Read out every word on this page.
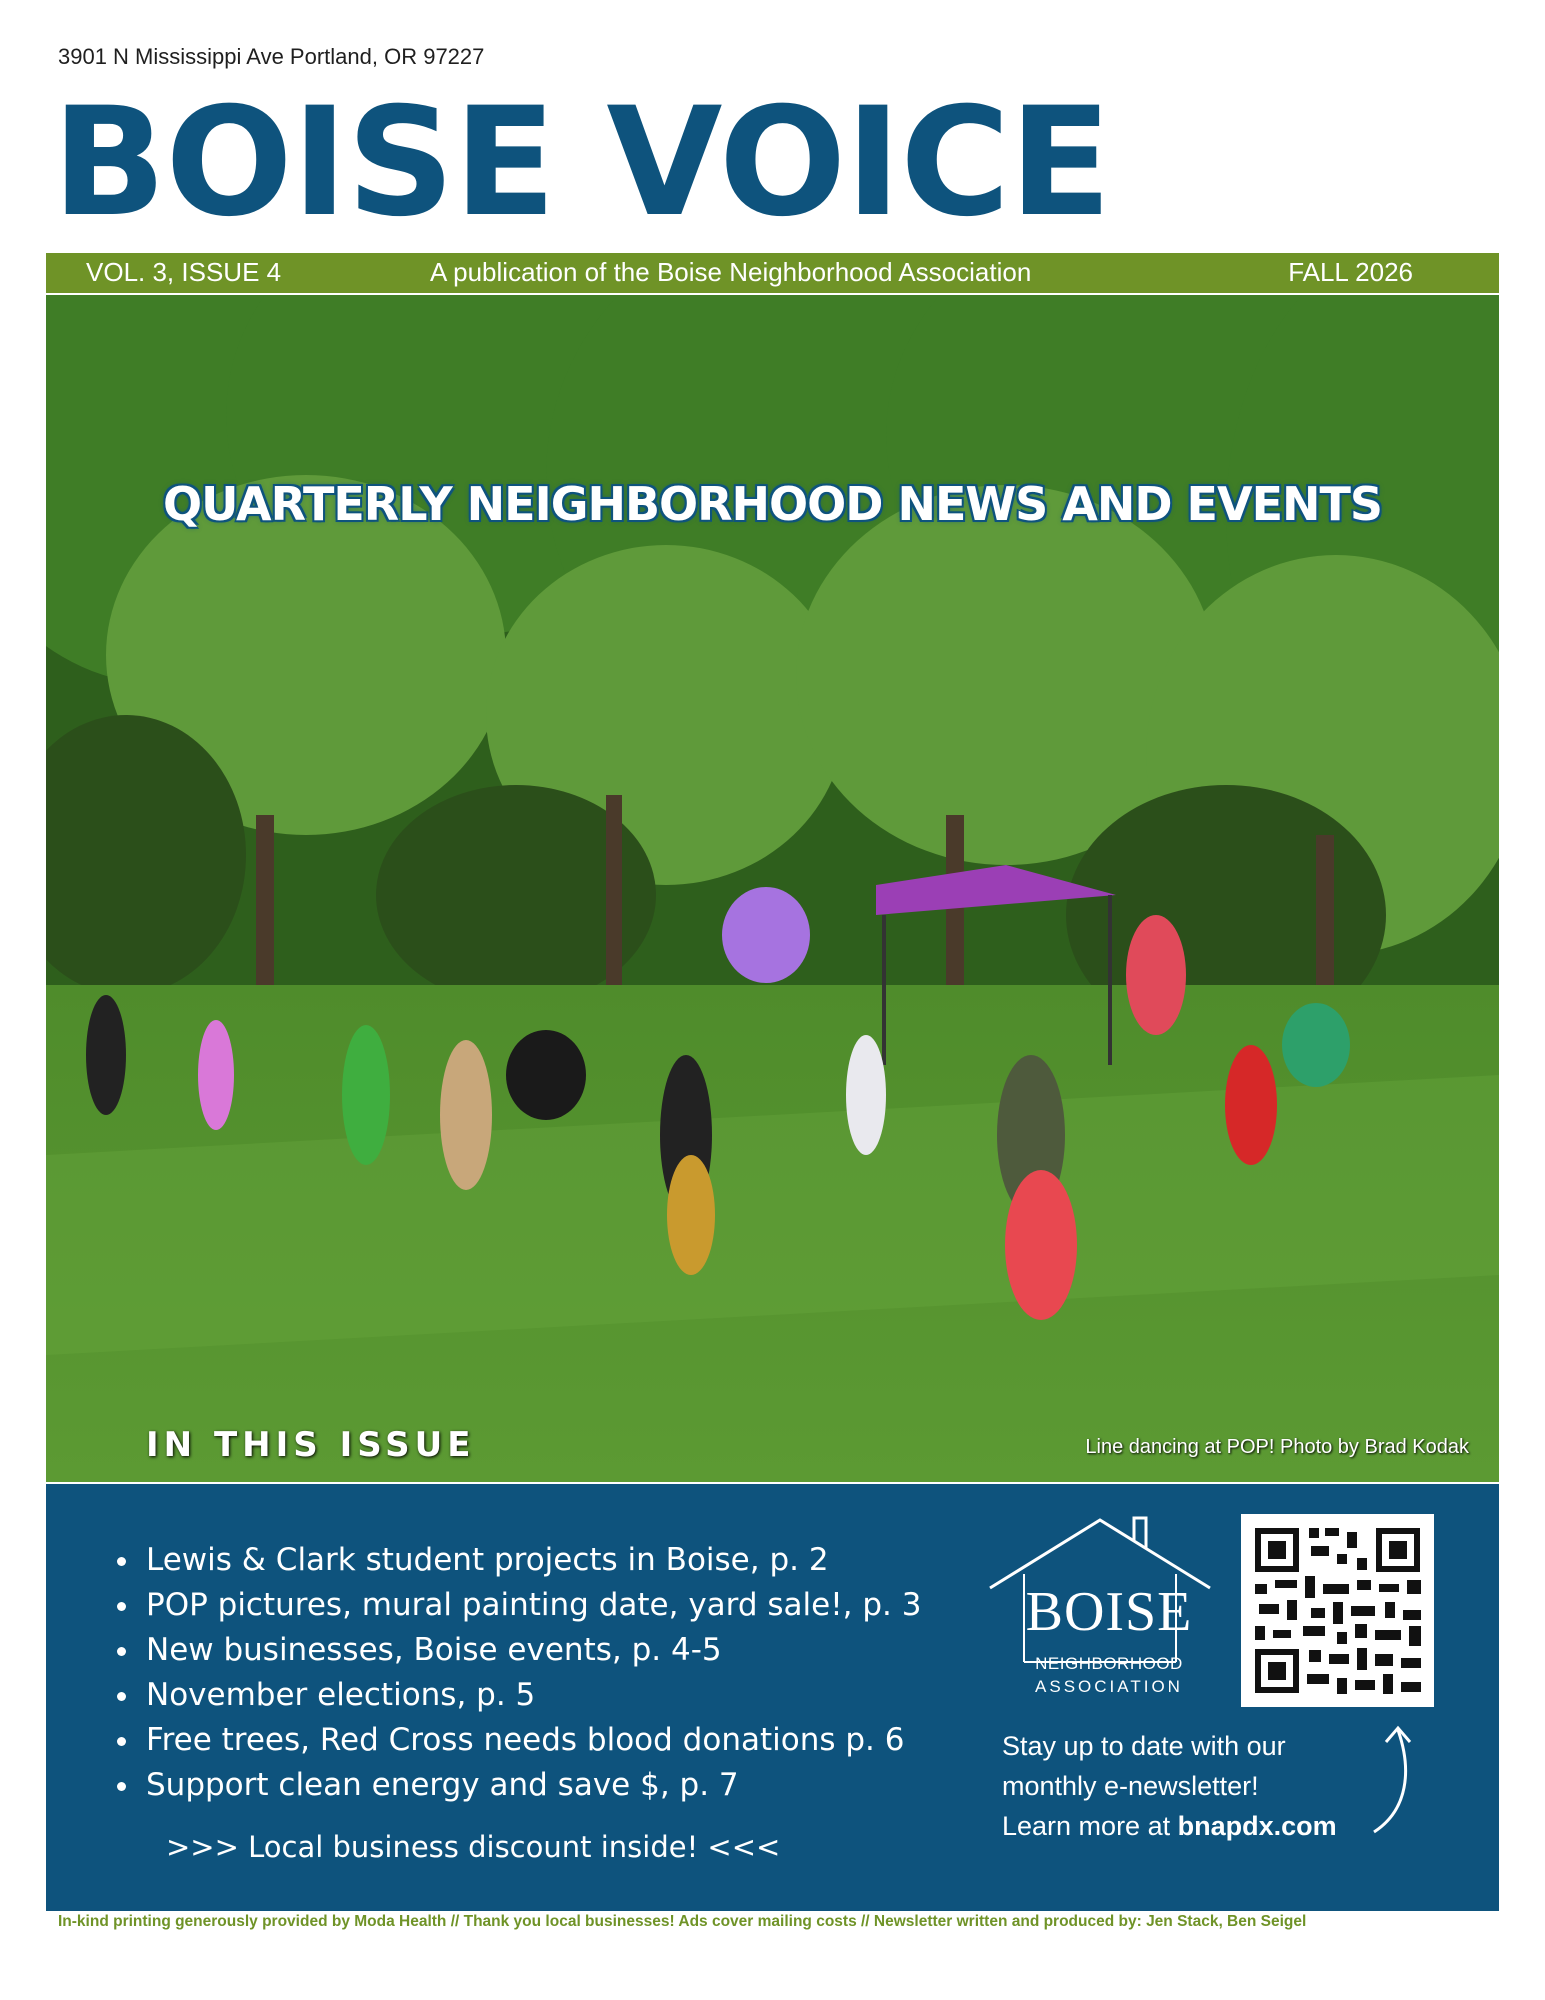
3901 N Mississippi Ave Portland, OR 97227
BOISE VOICE
VOL. 3, ISSUE 4	A publication of the Boise Neighborhood Association	FALL 2026
QUARTERLY NEIGHBORHOOD NEWS AND EVENTS
IN THIS ISSUE	Line dancing at POP! Photo by Brad Kodak
• Lewis & Clark student projects in Boise, p. 2
• POP pictures, mural painting date, yard sale!, p. 3
• New businesses, Boise events, p. 4-5
• November elections, p. 5
• Free trees, Red Cross needs blood donations p. 6
• Support clean energy and save $, p. 7
>>> Local business discount inside! <<<
BOISE
NEIGHBORHOOD
ASSOCIATION
Stay up to date with our
monthly e-newsletter!
Learn more at bnapdx.com
In-kind printing generously provided by Moda Health // Thank you local businesses! Ads cover mailing costs // Newsletter written and produced by: Jen Stack, Ben Seigel
